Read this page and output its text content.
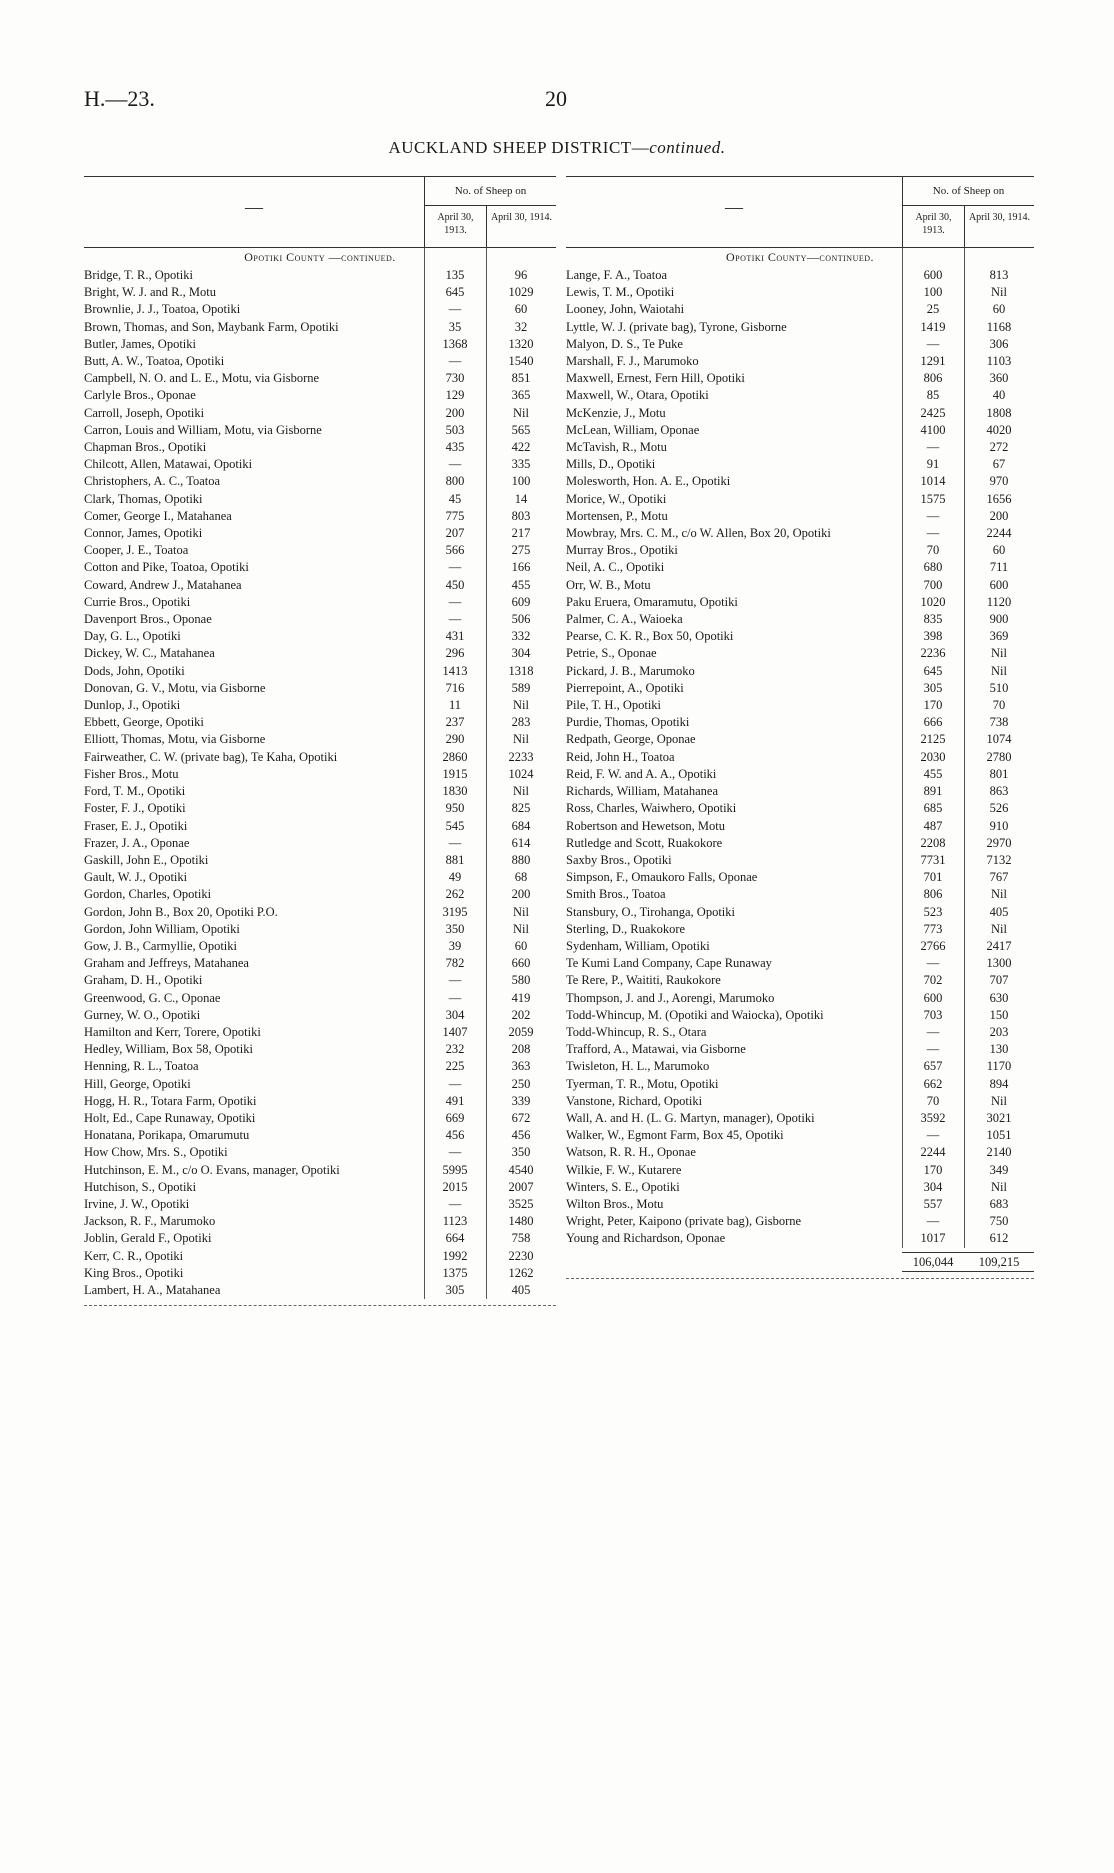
H.—23.	20
AUCKLAND SHEEP DISTRICT—continued.
—
No. of Sheep on
April 30, 1913.
April 30, 1914.
Opotiki County —continued.
Bridge, T. R., Opotiki	135	96
Bright, W. J. and R., Motu	645	1029
Brownlie, J. J., Toatoa, Opotiki	—	60
Brown, Thomas, and Son, Maybank Farm, Opotiki	35	32
Butler, James, Opotiki	1368	1320
Butt, A. W., Toatoa, Opotiki	—	1540
Campbell, N. O. and L. E., Motu, via Gisborne	730	851
Carlyle Bros., Oponae	129	365
Carroll, Joseph, Opotiki	200	Nil
Carron, Louis and William, Motu, via Gisborne	503	565
Chapman Bros., Opotiki	435	422
Chilcott, Allen, Matawai, Opotiki	—	335
Christophers, A. C., Toatoa	800	100
Clark, Thomas, Opotiki	45	14
Comer, George I., Matahanea	775	803
Connor, James, Opotiki	207	217
Cooper, J. E., Toatoa	566	275
Cotton and Pike, Toatoa, Opotiki	—	166
Coward, Andrew J., Matahanea	450	455
Currie Bros., Opotiki	—	609
Davenport Bros., Oponae	—	506
Day, G. L., Opotiki	431	332
Dickey, W. C., Matahanea	296	304
Dods, John, Opotiki	1413	1318
Donovan, G. V., Motu, via Gisborne	716	589
Dunlop, J., Opotiki	11	Nil
Ebbett, George, Opotiki	237	283
Elliott, Thomas, Motu, via Gisborne	290	Nil
Fairweather, C. W. (private bag), Te Kaha, Opotiki	2860	2233
Fisher Bros., Motu	1915	1024
Ford, T. M., Opotiki	1830	Nil
Foster, F. J., Opotiki	950	825
Fraser, E. J., Opotiki	545	684
Frazer, J. A., Oponae	—	614
Gaskill, John E., Opotiki	881	880
Gault, W. J., Opotiki	49	68
Gordon, Charles, Opotiki	262	200
Gordon, John B., Box 20, Opotiki P.O.	3195	Nil
Gordon, John William, Opotiki	350	Nil
Gow, J. B., Carmyllie, Opotiki	39	60
Graham and Jeffreys, Matahanea	782	660
Graham, D. H., Opotiki	—	580
Greenwood, G. C., Oponae	—	419
Gurney, W. O., Opotiki	304	202
Hamilton and Kerr, Torere, Opotiki	1407	2059
Hedley, William, Box 58, Opotiki	232	208
Henning, R. L., Toatoa	225	363
Hill, George, Opotiki	—	250
Hogg, H. R., Totara Farm, Opotiki	491	339
Holt, Ed., Cape Runaway, Opotiki	669	672
Honatana, Porikapa, Omarumutu	456	456
How Chow, Mrs. S., Opotiki	—	350
Hutchinson, E. M., c/o O. Evans, manager, Opotiki	5995	4540
Hutchison, S., Opotiki	2015	2007
Irvine, J. W., Opotiki	—	3525
Jackson, R. F., Marumoko	1123	1480
Joblin, Gerald F., Opotiki	664	758
Kerr, C. R., Opotiki	1992	2230
King Bros., Opotiki	1375	1262
Lambert, H. A., Matahanea	305	405
—
No. of Sheep on
April 30, 1913.
April 30, 1914.
Opotiki County—continued.
Lange, F. A., Toatoa	600	813
Lewis, T. M., Opotiki	100	Nil
Looney, John, Waiotahi	25	60
Lyttle, W. J. (private bag), Tyrone, Gisborne	1419	1168
Malyon, D. S., Te Puke	—	306
Marshall, F. J., Marumoko	1291	1103
Maxwell, Ernest, Fern Hill, Opotiki	806	360
Maxwell, W., Otara, Opotiki	85	40
McKenzie, J., Motu	2425	1808
McLean, William, Oponae	4100	4020
McTavish, R., Motu	—	272
Mills, D., Opotiki	91	67
Molesworth, Hon. A. E., Opotiki	1014	970
Morice, W., Opotiki	1575	1656
Mortensen, P., Motu	—	200
Mowbray, Mrs. C. M., c/o W. Allen, Box 20, Opotiki	—	2244
Murray Bros., Opotiki	70	60
Neil, A. C., Opotiki	680	711
Orr, W. B., Motu	700	600
Paku Eruera, Omaramutu, Opotiki	1020	1120
Palmer, C. A., Waioeka	835	900
Pearse, C. K. R., Box 50, Opotiki	398	369
Petrie, S., Oponae	2236	Nil
Pickard, J. B., Marumoko	645	Nil
Pierrepoint, A., Opotiki	305	510
Pile, T. H., Opotiki	170	70
Purdie, Thomas, Opotiki	666	738
Redpath, George, Oponae	2125	1074
Reid, John H., Toatoa	2030	2780
Reid, F. W. and A. A., Opotiki	455	801
Richards, William, Matahanea	891	863
Ross, Charles, Waiwhero, Opotiki	685	526
Robertson and Hewetson, Motu	487	910
Rutledge and Scott, Ruakokore	2208	2970
Saxby Bros., Opotiki	7731	7132
Simpson, F., Omaukoro Falls, Oponae	701	767
Smith Bros., Toatoa	806	Nil
Stansbury, O., Tirohanga, Opotiki	523	405
Sterling, D., Ruakokore	773	Nil
Sydenham, William, Opotiki	2766	2417
Te Kumi Land Company, Cape Runaway	—	1300
Te Rere, P., Waititi, Raukokore	702	707
Thompson, J. and J., Aorengi, Marumoko	600	630
Todd-Whincup, M. (Opotiki and Waiocka), Opotiki	703	150
Todd-Whincup, R. S., Otara	—	203
Trafford, A., Matawai, via Gisborne	—	130
Twisleton, H. L., Marumoko	657	1170
Tyerman, T. R., Motu, Opotiki	662	894
Vanstone, Richard, Opotiki	70	Nil
Wall, A. and H. (L. G. Martyn, manager), Opotiki	3592	3021
Walker, W., Egmont Farm, Box 45, Opotiki	—	1051
Watson, R. R. H., Oponae	2244	2140
Wilkie, F. W., Kutarere	170	349
Winters, S. E., Opotiki	304	Nil
Wilton Bros., Motu	557	683
Wright, Peter, Kaipono (private bag), Gisborne	—	750
Young and Richardson, Oponae	1017	612
106,044	109,215
